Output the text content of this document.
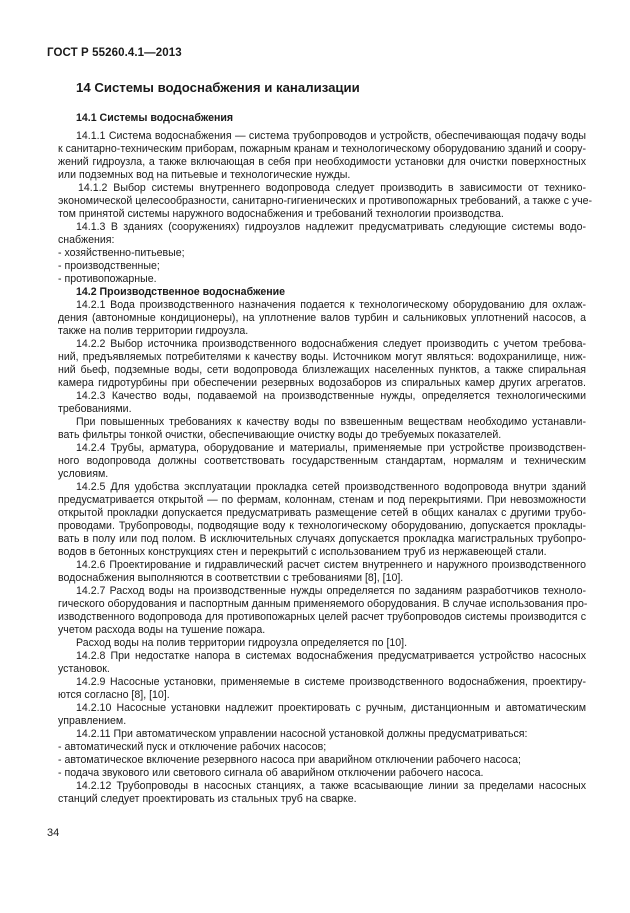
ГОСТ Р 55260.4.1—2013
14 Системы водоснабжения и канализации
14.1 Системы водоснабжения
14.1.1 Система водоснабжения — система трубопроводов и устройств, обеспечивающая подачу воды
к санитарно-техническим приборам, пожарным кранам и технологическому оборудованию зданий и соору-
жений гидроузла, а также включающая в себя при необходимости установки для очистки поверхностных
или подземных вод на питьевые и технологические нужды.
14.1.2 Выбор системы внутреннего водопровода следует производить в зависимости от технико-
экономической целесообразности, санитарно-гигиенических и противопожарных требований, а также с уче-
том принятой системы наружного водоснабжения и требований технологии производства.
14.1.3 В зданиях (сооружениях) гидроузлов надлежит предусматривать следующие системы водо-
снабжения:
- хозяйственно-питьевые;
- производственные;
- противопожарные.
14.2 Производственное водоснабжение
14.2.1 Вода производственного назначения подается к технологическому оборудованию для охлаж-
дения (автономные кондиционеры), на уплотнение валов турбин и сальниковых уплотнений насосов, а
также на полив территории гидроузла.
14.2.2 Выбор источника производственного водоснабжения следует производить с учетом требова-
ний, предъявляемых потребителями к качеству воды. Источником могут являться: водохранилище, ниж-
ний бьеф, подземные воды, сети водопровода близлежащих населенных пунктов, а также спиральная
камера гидротурбины при обеспечении резервных водозаборов из спиральных камер других агрегатов.
14.2.3 Качество воды, подаваемой на производственные нужды, определяется технологическими
требованиями.
При повышенных требованиях к качеству воды по взвешенным веществам необходимо устанавли-
вать фильтры тонкой очистки, обеспечивающие очистку воды до требуемых показателей.
14.2.4 Трубы, арматура, оборудование и материалы, применяемые при устройстве производствен-
ного водопровода должны соответствовать государственным стандартам, нормалям и техническим
условиям.
14.2.5 Для удобства эксплуатации прокладка сетей производственного водопровода внутри зданий
предусматривается открытой — по фермам, колоннам, стенам и под перекрытиями. При невозможности
открытой прокладки допускается предусматривать размещение сетей в общих каналах с другими трубо-
проводами. Трубопроводы, подводящие воду к технологическому оборудованию, допускается проклады-
вать в полу или под полом. В исключительных случаях допускается прокладка магистральных трубопро-
водов в бетонных конструкциях стен и перекрытий с использованием труб из нержавеющей стали.
14.2.6 Проектирование и гидравлический расчет систем внутреннего и наружного производственного
водоснабжения выполняются в соответствии с требованиями [8], [10].
14.2.7 Расход воды на производственные нужды определяется по заданиям разработчиков техноло-
гического оборудования и паспортным данным применяемого оборудования. В случае использования про-
изводственного водопровода для противопожарных целей расчет трубопроводов системы производится с
учетом расхода воды на тушение пожара.
Расход воды на полив территории гидроузла определяется по [10].
14.2.8 При недостатке напора в системах водоснабжения предусматривается устройство насосных
установок.
14.2.9 Насосные установки, применяемые в системе производственного водоснабжения, проектиру-
ются согласно [8], [10].
14.2.10 Насосные установки надлежит проектировать с ручным, дистанционным и автоматическим
управлением.
14.2.11 При автоматическом управлении насосной установкой должны предусматриваться:
- автоматический пуск и отключение рабочих насосов;
- автоматическое включение резервного насоса при аварийном отключении рабочего насоса;
- подача звукового или светового сигнала об аварийном отключении рабочего насоса.
14.2.12 Трубопроводы в насосных станциях, а также всасывающие линии за пределами насосных
станций следует проектировать из стальных труб на сварке.
34
